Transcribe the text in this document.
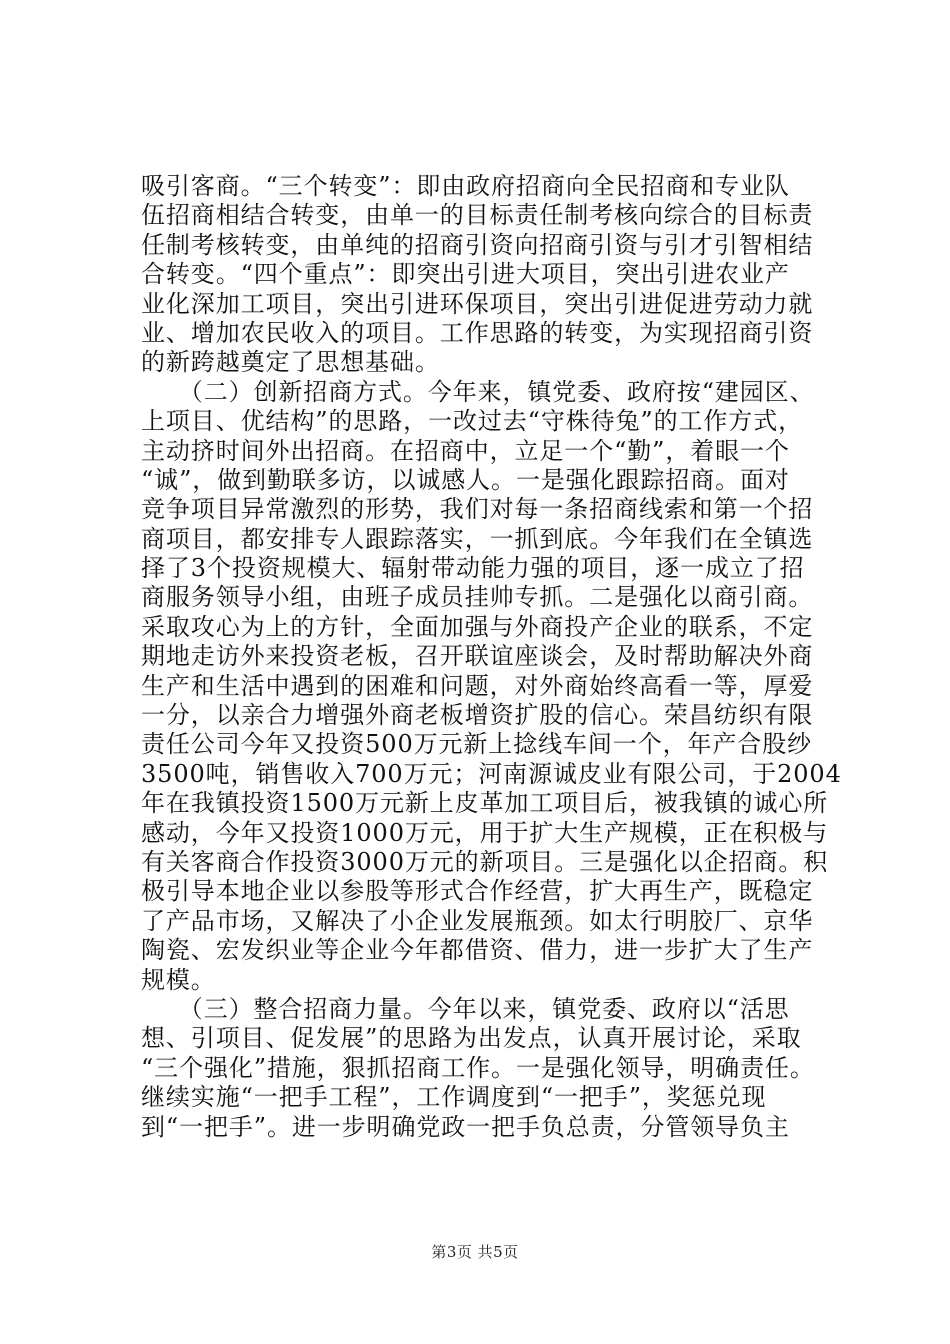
吸引客商。“三个转变”：即由政府招商向全民招商和专业队
伍招商相结合转变，由单一的目标责任制考核向综合的目标责
任制考核转变，由单纯的招商引资向招商引资与引才引智相结
合转变。“四个重点”：即突出引进大项目，突出引进农业产
业化深加工项目，突出引进环保项目，突出引进促进劳动力就
业、增加农民收入的项目。工作思路的转变，为实现招商引资
的新跨越奠定了思想基础。
　　（二）创新招商方式。今年来，镇党委、政府按“建园区、
上项目、优结构”的思路，一改过去“守株待兔”的工作方式，
主动挤时间外出招商。在招商中，立足一个“勤”，着眼一个
“诚”，做到勤联多访，以诚感人。一是强化跟踪招商。面对
竞争项目异常激烈的形势，我们对每一条招商线索和第一个招
商项目，都安排专人跟踪落实，一抓到底。今年我们在全镇选
择了3个投资规模大、辐射带动能力强的项目，逐一成立了招
商服务领导小组，由班子成员挂帅专抓。二是强化以商引商。
采取攻心为上的方针，全面加强与外商投产企业的联系，不定
期地走访外来投资老板，召开联谊座谈会，及时帮助解决外商
生产和生活中遇到的困难和问题，对外商始终高看一等，厚爱
一分，以亲合力增强外商老板增资扩股的信心。荣昌纺织有限
责任公司今年又投资500万元新上捻线车间一个，年产合股纱
3500吨，销售收入700万元；河南源诚皮业有限公司，于2004
年在我镇投资1500万元新上皮革加工项目后，被我镇的诚心所
感动，今年又投资1000万元，用于扩大生产规模，正在积极与
有关客商合作投资3000万元的新项目。三是强化以企招商。积
极引导本地企业以参股等形式合作经营，扩大再生产，既稳定
了产品市场，又解决了小企业发展瓶颈。如太行明胶厂、京华
陶瓷、宏发织业等企业今年都借资、借力，进一步扩大了生产
规模。
　　（三）整合招商力量。今年以来，镇党委、政府以“活思
想、引项目、促发展”的思路为出发点，认真开展讨论，采取
“三个强化”措施，狠抓招商工作。一是强化领导，明确责任。
继续实施“一把手工程”，工作调度到“一把手”，奖惩兑现
到“一把手”。进一步明确党政一把手负总责，分管领导负主
第3页 共5页
